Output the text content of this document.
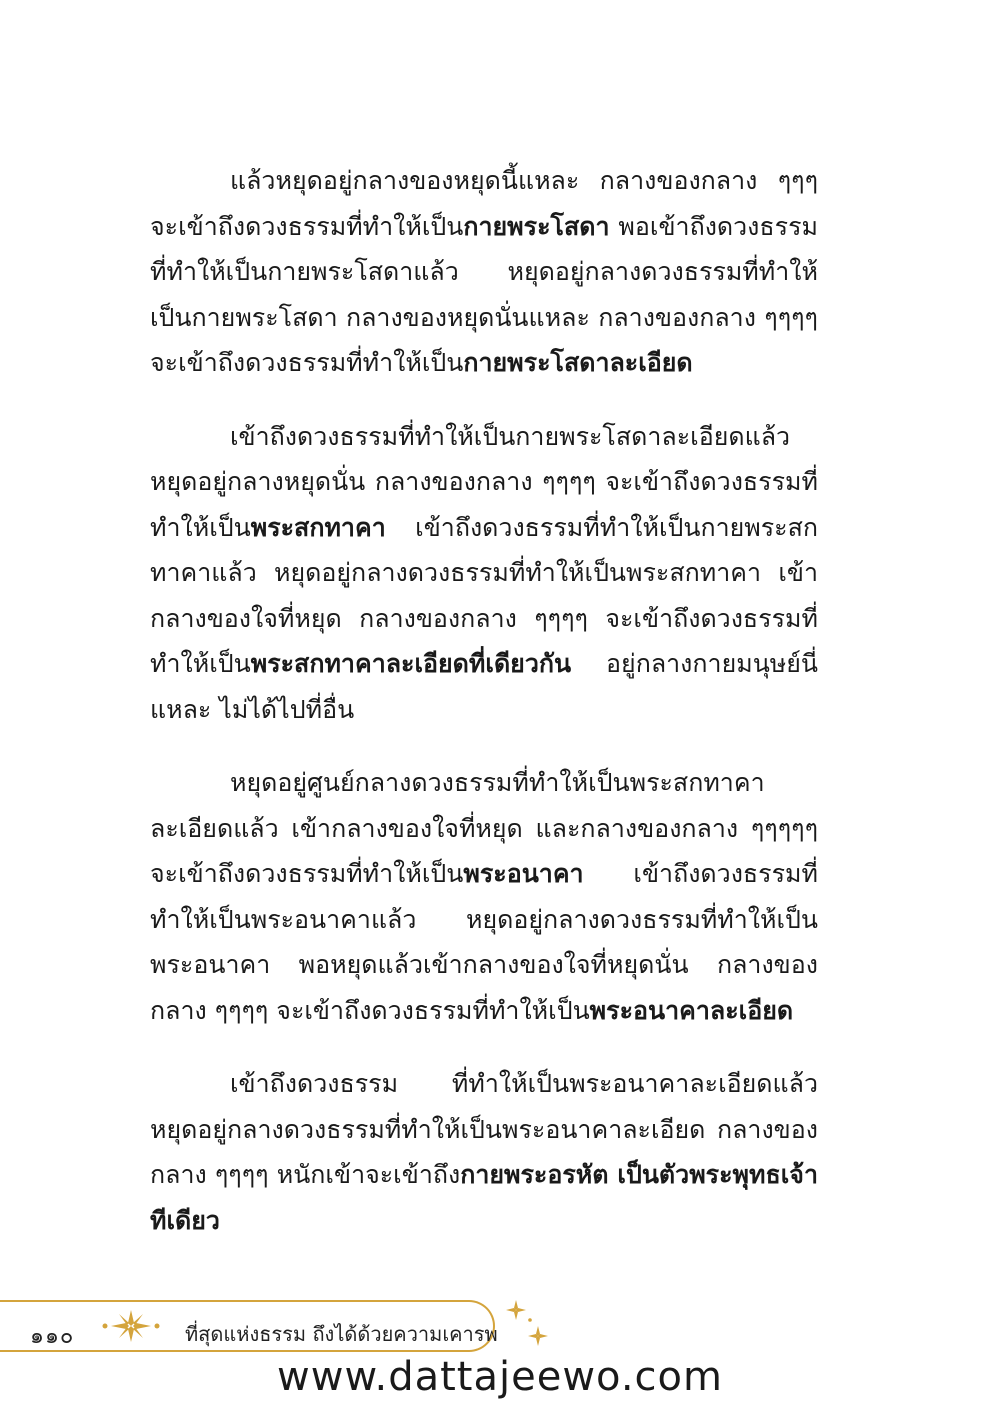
แล้วหยุดอยู่กลางของหยุดนี้แหละ กลางของกลาง ๆๆๆ จะเข้าถึงดวงธรรมที่ทำให้เป็นกายพระโสดา พอเข้าถึงดวงธรรมที่ทำให้เป็นกายพระโสดาแล้ว หยุดอยู่กลางดวงธรรมที่ทำให้เป็นกายพระโสดา กลางของหยุดนั่นแหละ กลางของกลาง ๆๆๆๆ จะเข้าถึงดวงธรรมที่ทำให้เป็นกายพระโสดาละเอียด

เข้าถึงดวงธรรมที่ทำให้เป็นกายพระโสดาละเอียดแล้ว หยุดอยู่กลางหยุดนั่น กลางของกลาง ๆๆๆๆ จะเข้าถึงดวงธรรมที่ทำให้เป็นพระสกทาคา เข้าถึงดวงธรรมที่ทำให้เป็นกายพระสกทาคาแล้ว หยุดอยู่กลางดวงธรรมที่ทำให้เป็นพระสกทาคา เข้ากลางของใจที่หยุด กลางของกลาง ๆๆๆๆ จะเข้าถึงดวงธรรมที่ทำให้เป็นพระสกทาคาละเอียดที่เดียวกัน อยู่กลางกายมนุษย์นี่แหละ ไม่ได้ไปที่อื่น

หยุดอยู่ศูนย์กลางดวงธรรมที่ทำให้เป็นพระสกทาคาละเอียดแล้ว เข้ากลางของใจที่หยุด และกลางของกลาง ๆๆๆๆๆ จะเข้าถึงดวงธรรมที่ทำให้เป็นพระอนาคา เข้าถึงดวงธรรมที่ทำให้เป็นพระอนาคาแล้ว หยุดอยู่กลางดวงธรรมที่ทำให้เป็นพระอนาคา พอหยุดแล้วเข้ากลางของใจที่หยุดนั่น กลางของกลาง ๆๆๆๆ จะเข้าถึงดวงธรรมที่ทำให้เป็นพระอนาคาละเอียด

เข้าถึงดวงธรรม ที่ทำให้เป็นพระอนาคาละเอียดแล้ว หยุดอยู่กลางดวงธรรมที่ทำให้เป็นพระอนาคาละเอียด กลางของกลาง ๆๆๆๆ หนักเข้าจะเข้าถึงกายพระอรหัต เป็นตัวพระพุทธเจ้าทีเดียว

๑๑๐	ที่สุดแห่งธรรม ถึงได้ด้วยความเคารพ
www.dattajeewo.com
